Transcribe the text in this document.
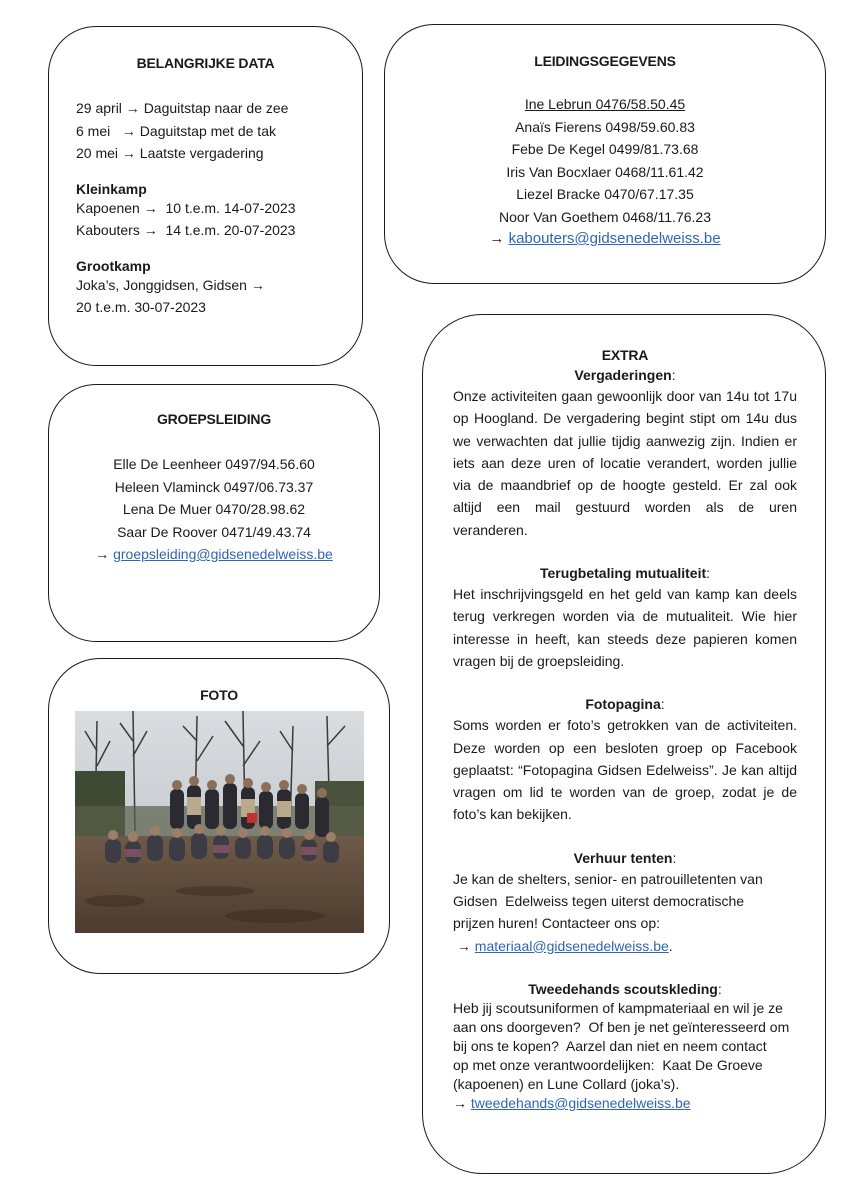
BELANGRIJKE DATA
29 april → Daguitstap naar de zee
6 mei   → Daguitstap met de tak
20 mei → Laatste vergadering
Kleinkamp
Kapoenen →  10 t.e.m. 14-07-2023
Kabouters →  14 t.e.m. 20-07-2023
Grootkamp
Joka’s, Jonggidsen, Gidsen →
20 t.e.m. 30-07-2023
LEIDINGSGEGEVENS
Ine Lebrun 0476/58.50.45
Anaïs Fierens 0498/59.60.83
Febe De Kegel 0499/81.73.68
Iris Van Bocxlaer 0468/11.61.42
Liezel Bracke 0470/67.17.35
Noor Van Goethem 0468/11.76.23
→ kabouters@gidsenedelweiss.be
GROEPSLEIDING
Elle De Leenheer 0497/94.56.60
Heleen Vlaminck 0497/06.73.37
Lena De Muer 0470/28.98.62
Saar De Roover 0471/49.43.74
→ groepsleiding@gidsenedelweiss.be
FOTO
EXTRA
Vergaderingen:
Onze activiteiten gaan gewoonlijk door van 14u tot 17u op Hoogland. De vergadering begint stipt om 14u dus we verwachten dat jullie tijdig aanwezig zijn. Indien er iets aan deze uren of locatie verandert, worden jullie via de maandbrief op de hoogte gesteld. Er zal ook altijd een mail gestuurd worden als de uren veranderen.
Terugbetaling mutualiteit:
Het inschrijvingsgeld en het geld van kamp kan deels terug verkregen worden via de mutualiteit. Wie hier interesse in heeft, kan steeds deze papieren komen vragen bij de groepsleiding.
Fotopagina:
Soms worden er foto’s getrokken van de activiteiten. Deze worden op een besloten groep op Facebook geplaatst: “Fotopagina Gidsen Edelweiss”. Je kan altijd vragen om lid te worden van de groep, zodat je de foto’s kan bekijken.
Verhuur tenten:
Je kan de shelters, senior- en patrouilletenten van
Gidsen  Edelweiss tegen uiterst democratische
prijzen huren! Contacteer ons op:
→ materiaal@gidsenedelweiss.be.
Tweedehands scoutskleding:
Heb jij scoutsuniformen of kampmateriaal en wil je ze
aan ons doorgeven?  Of ben je net geïnteresseerd om
bij ons te kopen?  Aarzel dan niet en neem contact
op met onze verantwoordelijken:  Kaat De Groeve
(kapoenen) en Lune Collard (joka’s).
→ tweedehands@gidsenedelweiss.be
